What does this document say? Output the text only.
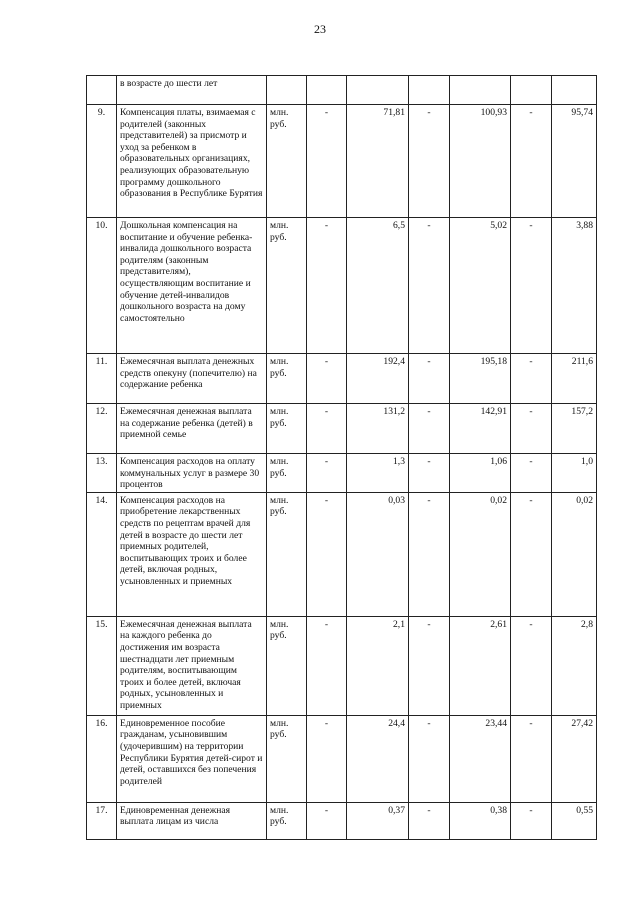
23
	в возрасте до шести лет							
9.	Компенсация платы, взимаемая с родителей (законных представителей) за присмотр и уход за ребенком в образовательных организациях, реализующих образовательную программу дошкольного образования в Республике Бурятия	млн. руб.	-	71,81	-	100,93	-	95,74
10.	Дошкольная компенсация на воспитание и обучение ребенка-инвалида дошкольного возраста родителям (законным представителям), осуществляющим воспитание и обучение детей-инвалидов дошкольного возраста на дому самостоятельно	млн. руб.	-	6,5	-	5,02	-	3,88
11.	Ежемесячная выплата денежных средств опекуну (попечителю) на содержание ребенка	млн. руб.	-	192,4	-	195,18	-	211,6
12.	Ежемесячная денежная выплата на содержание ребенка (детей) в приемной семье	млн. руб.	-	131,2	-	142,91	-	157,2
13.	Компенсация расходов на оплату коммунальных услуг в размере 30 процентов	млн. руб.	-	1,3	-	1,06	-	1,0
14.	Компенсация расходов на приобретение лекарственных средств по рецептам врачей для детей в возрасте до шести лет приемных родителей, воспитывающих троих и более детей, включая родных, усыновленных и приемных	млн. руб.	-	0,03	-	0,02	-	0,02
15.	Ежемесячная денежная выплата на каждого ребенка до достижения им возраста шестнадцати лет приемным родителям, воспитывающим троих и более детей, включая родных, усыновленных и приемных	млн. руб.	-	2,1	-	2,61	-	2,8
16.	Единовременное пособие гражданам, усыновившим (удочерившим) на территории Республики Бурятия детей-сирот и детей, оставшихся без попечения родителей	млн. руб.	-	24,4	-	23,44	-	27,42
17.	Единовременная денежная выплата лицам из числа	млн. руб.	-	0,37	-	0,38	-	0,55
